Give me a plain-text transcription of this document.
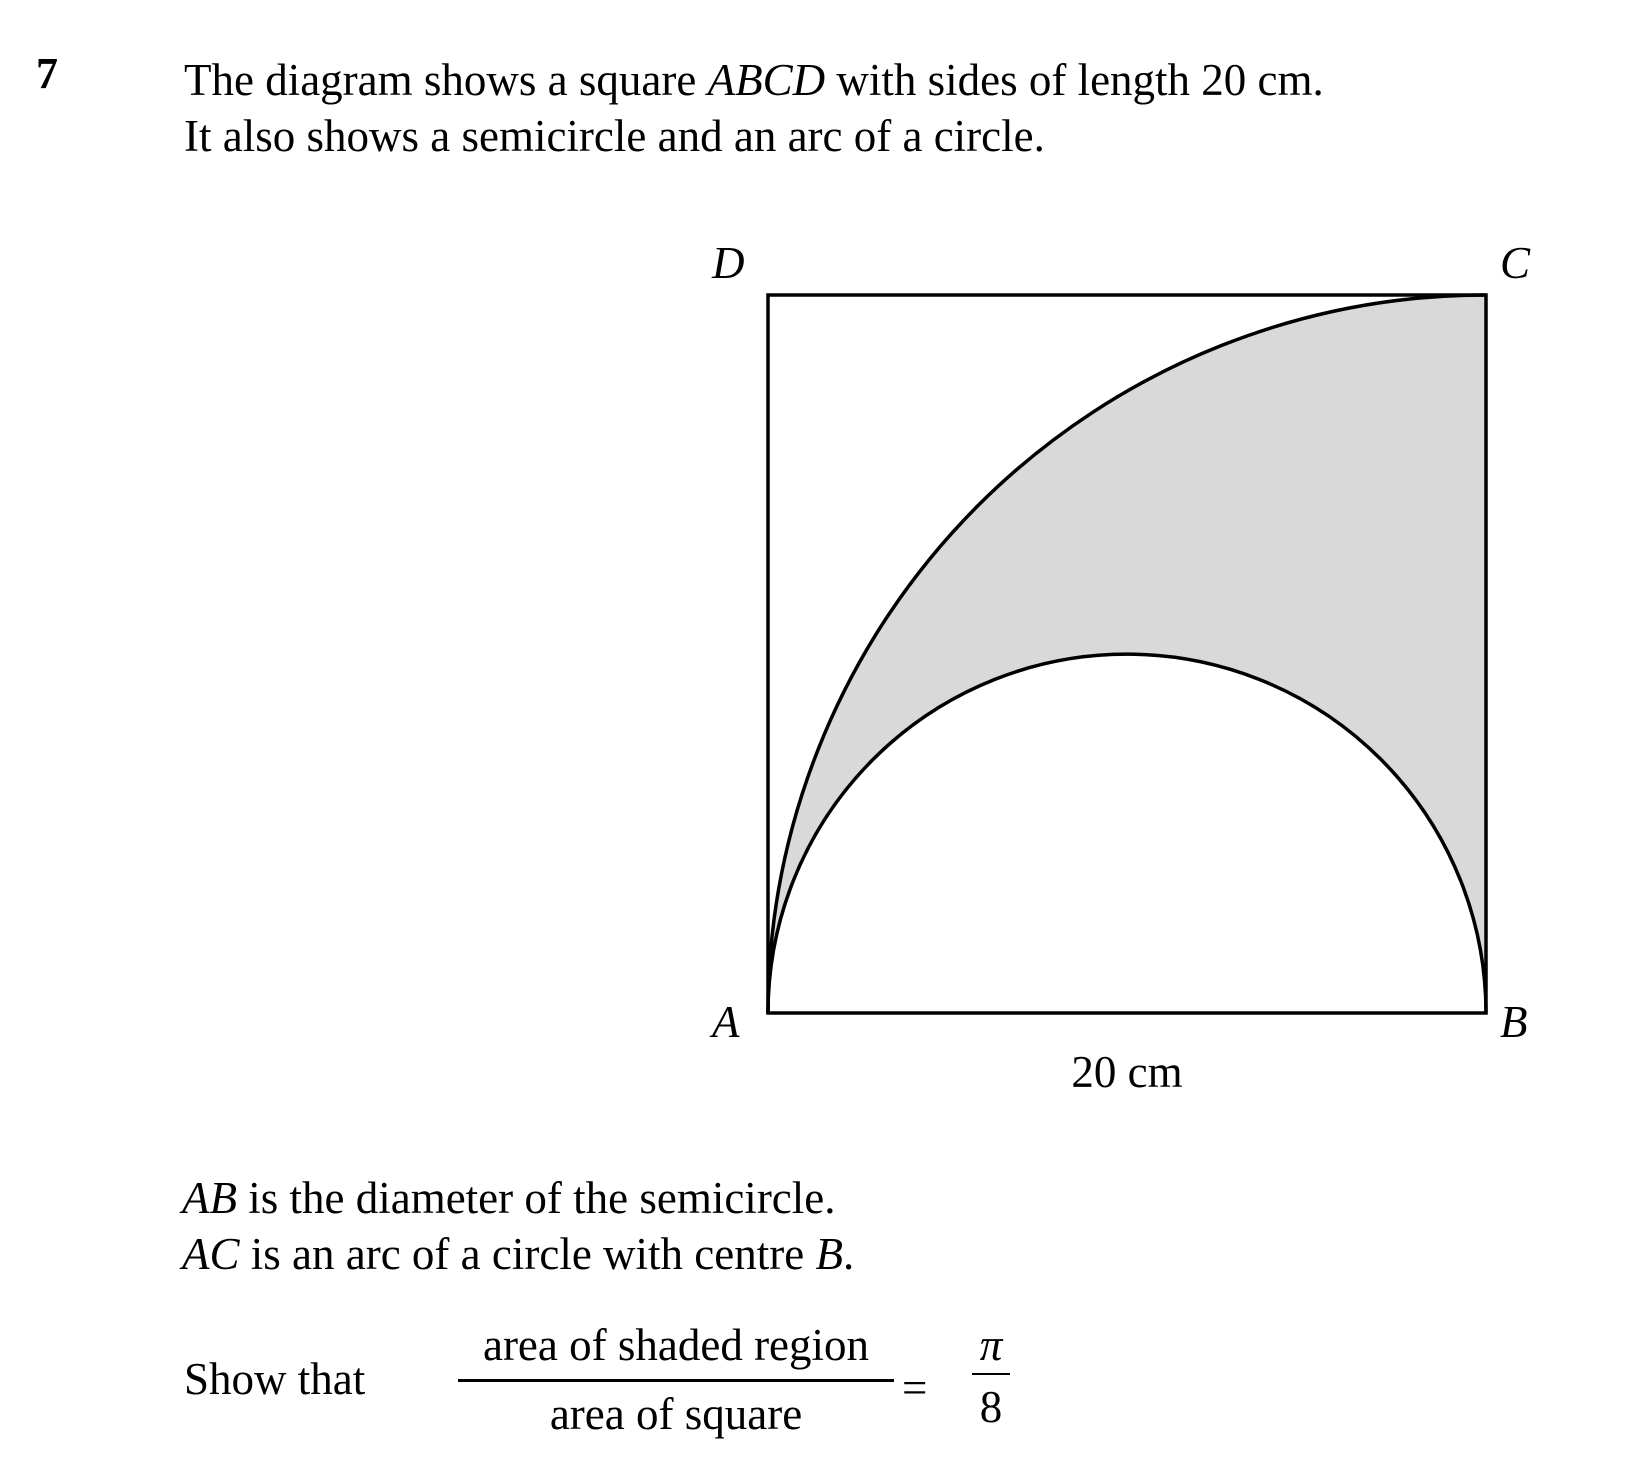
7	The diagram shows a square ABCD with sides of length 20 cm.
It also shows a semicircle and an arc of a circle.
D	C
A	B
20 cm
AB is the diameter of the semicircle.
AC is an arc of a circle with centre B.
Show that
area of shaded region
area of square
=
π
8
